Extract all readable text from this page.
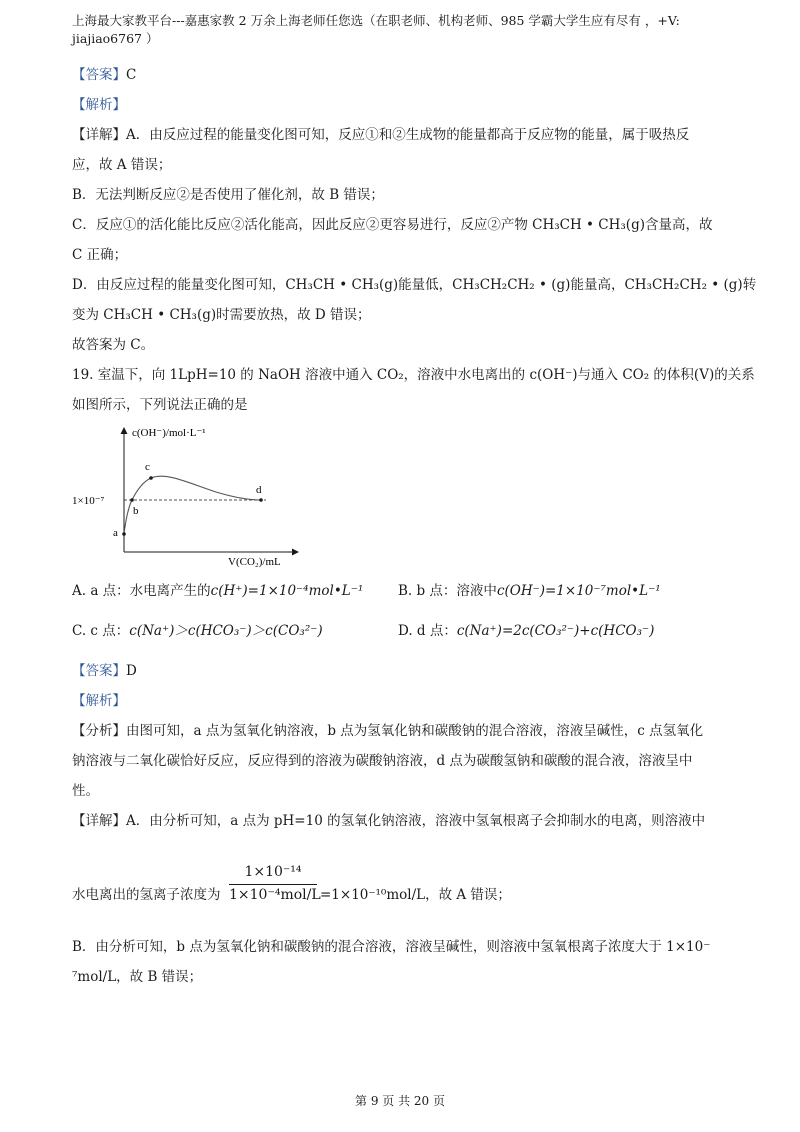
上海最大家教平台---嘉惠家教 2 万余上海老师任您选（在职老师、机构老师、985 学霸大学生应有尽有 ，+V:
jiajiao6767 ）
【答案】C
【解析】
【详解】A．由反应过程的能量变化图可知，反应①和②生成物的能量都高于反应物的能量，属于吸热反
应，故 A 错误；
B．无法判断反应②是否使用了催化剂，故 B 错误；
C．反应①的活化能比反应②活化能高，因此反应②更容易进行，反应②产物 CH₃CH • CH₃(g)含量高，故
C 正确；
D．由反应过程的能量变化图可知，CH₃CH • CH₃(g)能量低，CH₃CH₂CH₂ • (g)能量高，CH₃CH₂CH₂ • (g)转
变为 CH₃CH • CH₃(g)时需要放热，故 D 错误；
故答案为 C。
19. 室温下，向 1LpH=10 的 NaOH 溶液中通入 CO₂，溶液中水电离出的 c(OH⁻)与通入 CO₂ 的体积(V)的关系
如图所示，下列说法正确的是
c(OH⁻)/mol·L⁻¹
V(CO₂)/mL
1×10⁻⁷
a
b
c
d
A. a 点：水电离产生的c(H⁺)=1×10⁻⁴mol•L⁻¹	B. b 点：溶液中c(OH⁻)=1×10⁻⁷mol•L⁻¹
C. c 点：c(Na⁺)＞c(HCO₃⁻)＞c(CO₃²⁻)	D. d 点：c(Na⁺)=2c(CO₃²⁻)+c(HCO₃⁻)
【答案】D
【解析】
【分析】由图可知，a 点为氢氧化钠溶液，b 点为氢氧化钠和碳酸钠的混合溶液，溶液呈碱性，c 点氢氧化
钠溶液与二氧化碳恰好反应，反应得到的溶液为碳酸钠溶液，d 点为碳酸氢钠和碳酸的混合液，溶液呈中
性。
【详解】A．由分析可知，a 点为 pH=10 的氢氧化钠溶液，溶液中氢氧根离子会抑制水的电离，则溶液中
水电离出的氢离子浓度为
1×10⁻¹⁴
1×10⁻⁴mol/L =1×10⁻¹⁰mol/L，故 A 错误；
B．由分析可知，b 点为氢氧化钠和碳酸钠的混合溶液，溶液呈碱性，则溶液中氢氧根离子浓度大于 1×10⁻
⁷mol/L，故 B 错误；
第 9 页 共 20 页
